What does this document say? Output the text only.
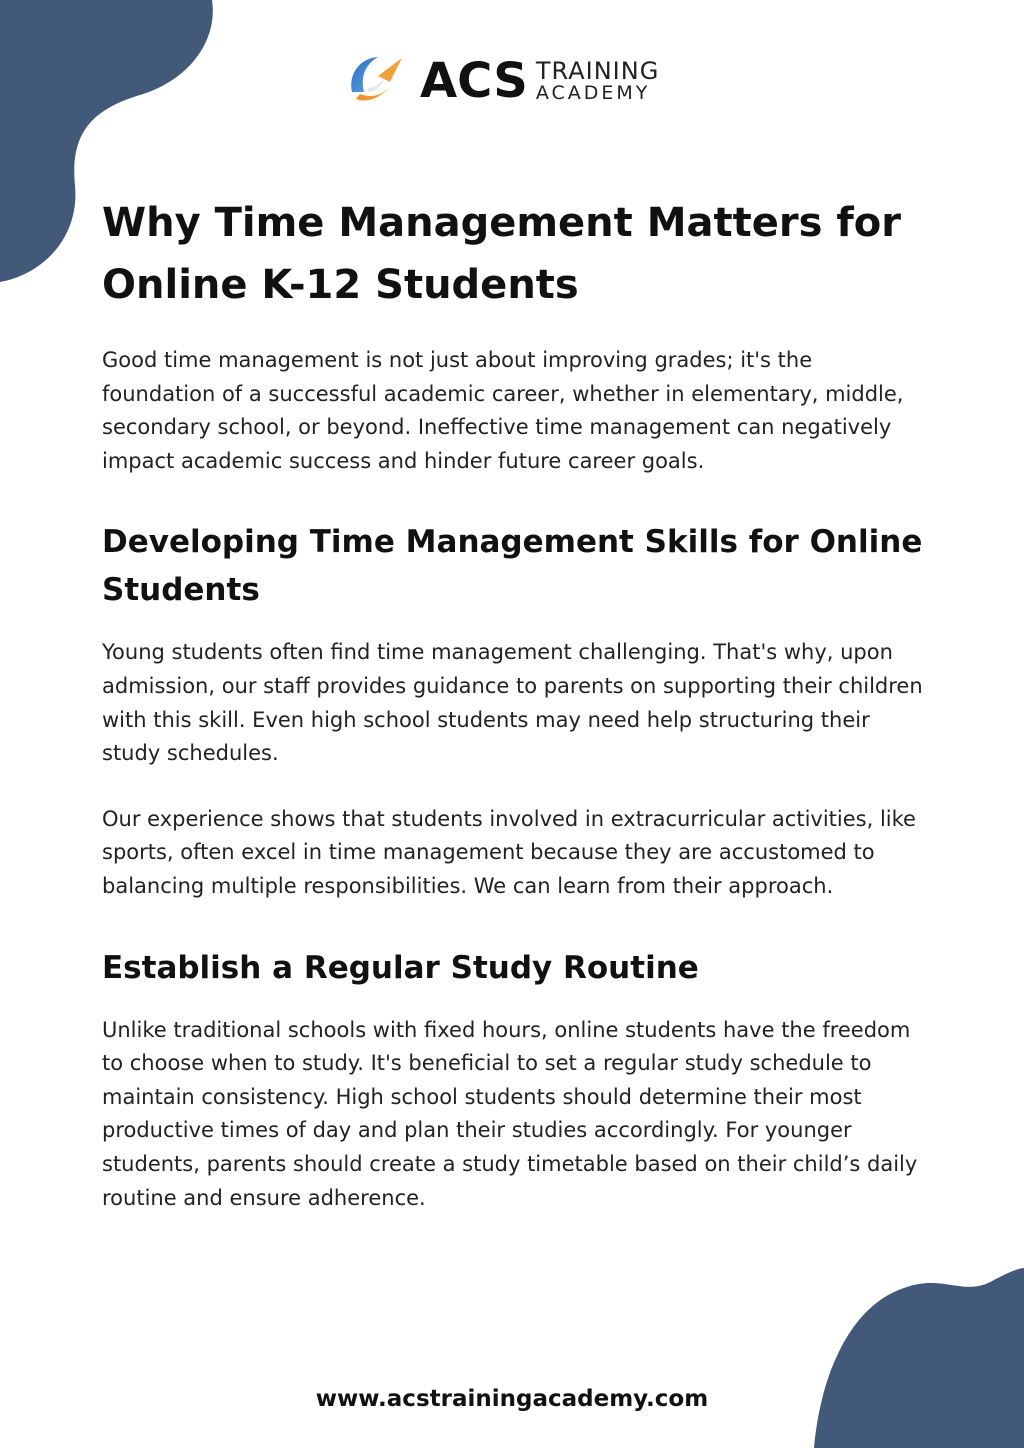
ACS TRAINING
ACADEMY
Why Time Management Matters for Online K-12 Students

Good time management is not just about improving grades; it's the foundation of a successful academic career, whether in elementary, middle, secondary school, or beyond. Ineffective time management can negatively impact academic success and hinder future career goals.

Developing Time Management Skills for Online Students

Young students often find time management challenging. That's why, upon admission, our staff provides guidance to parents on supporting their children with this skill. Even high school students may need help structuring their study schedules.

Our experience shows that students involved in extracurricular activities, like sports, often excel in time management because they are accustomed to balancing multiple responsibilities. We can learn from their approach.

Establish a Regular Study Routine

Unlike traditional schools with fixed hours, online students have the freedom to choose when to study. It's beneficial to set a regular study schedule to maintain consistency. High school students should determine their most productive times of day and plan their studies accordingly. For younger students, parents should create a study timetable based on their child’s daily routine and ensure adherence.

www.acstrainingacademy.com
